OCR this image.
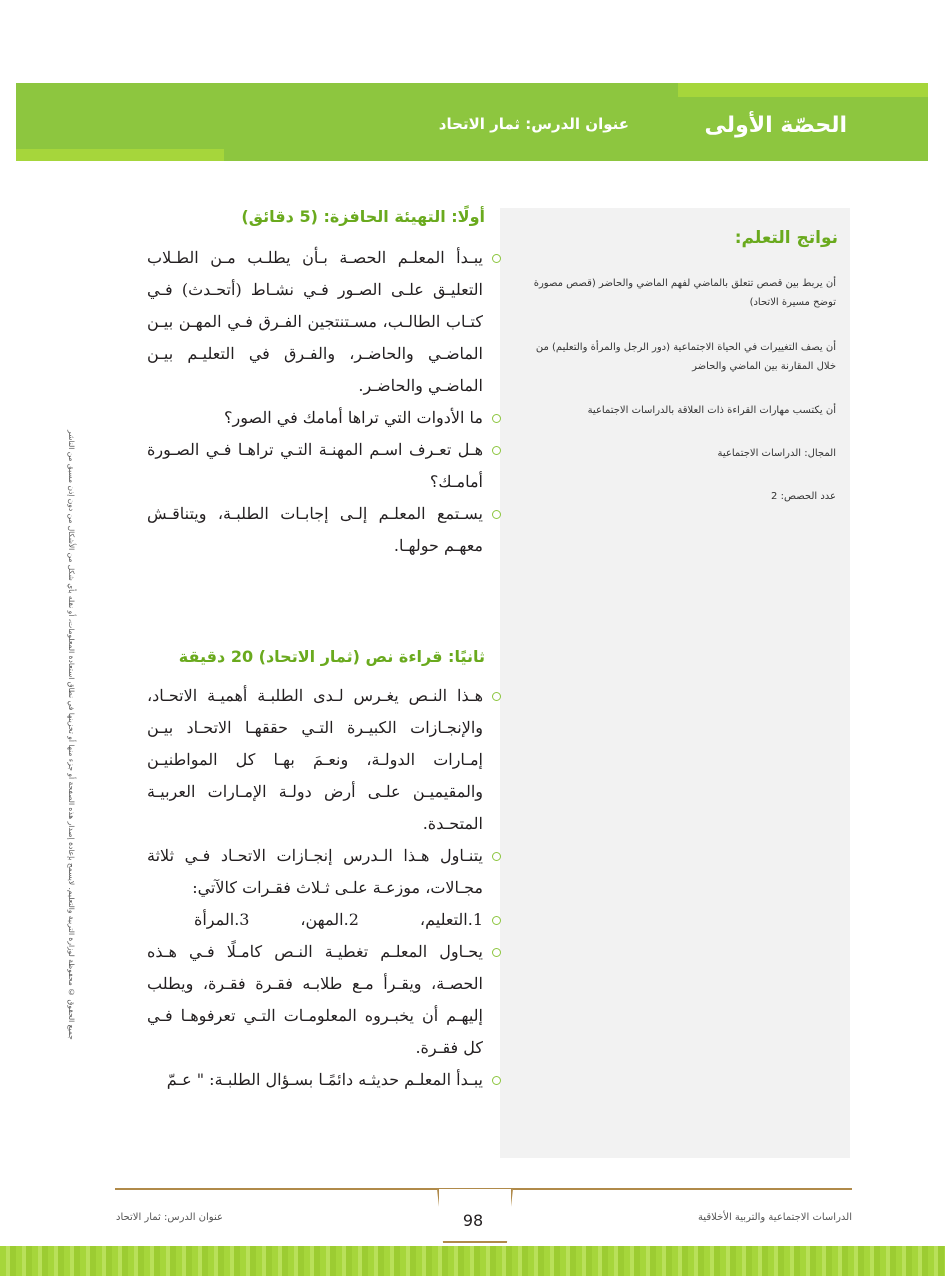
الحصّة الأولى
عنوان الدرس: ثمار الاتحاد
جميع الحقوق © محفوظة لوزارة التربية والتعليم. لايسمح بإعادة إصدار هذه الصفحة أو جزء منها أو تخزينها في نطاق استعادة المعلومات، أو نقله بأي شكل من الأشكال من دون إذن مسبق من الناشر
نواتج التعلم:
أن يربط بين قصص تتعلق بالماضي لفهم الماضي والحاضر (قصص مصورة توضح مسيرة الاتحاد)
أن يصف التغييرات في الحياة الاجتماعية (دور الرجل والمرأة والتعليم) من خلال المقارنة بين الماضي والحاضر
أن يكتسب مهارات القراءة ذات العلاقة بالدراسات الاجتماعية
المجال: الدراسات الاجتماعية
عدد الحصص: 2
أولًا: التهيئة الحافزة: (5 دقائق)
يبـدأ المعلـم الحصـة بـأن يطلـب مـن الطـلاب التعليـق علـى الصـور فـي نشـاط (أتحـدث) فـي كتـاب الطالـب، مسـتنتجين الفـرق فـي المهـن بيـن الماضـي والحاضـر، والفـرق في التعليـم بيـن الماضـي والحاضـر.
ما الأدوات التي تراها أمامك في الصور؟
هـل تعـرف اسـم المهنـة التـي تراهـا فـي الصـورة أمامـك؟
يسـتمع المعلـم إلـى إجابـات الطلبـة، ويتناقـش معهـم حولهـا.
ثانيًا: قراءة نص (ثمار الاتحاد) 20 دقيقة
هـذا النـص يغـرس لـدى الطلبـة أهميـة الاتحـاد، والإنجـازات الكبيـرة التـي حققهـا الاتحـاد بيـن إمـارات الدولـة، ونعـمَ بهـا كل المواطنيـن والمقيميـن علـى أرض دولـة الإمـارات العربيـة المتحـدة.
يتنـاول هـذا الـدرس إنجـازات الاتحـاد فـي ثلاثة مجـالات، موزعـة علـى ثـلاث فقـرات كالآتي:
1.التعليم،            2.المهن،          3.المرأة
يحـاول المعلـم تغطيـة النـص كامـلًا فـي هـذه الحصـة، ويقـرأ مـع طلابـه فقـرة فقـرة، ويطلب إليهـم أن يخبـروه المعلومـات التـي تعرفوهـا فـي كل فقـرة.
يبـدأ المعلـم حديثـه دائمًـا بسـؤال الطلبـة: " عـمّ
98
عنوان الدرس: ثمار الاتحاد	الدراسات الاجتماعية والتربية الأخلاقية
